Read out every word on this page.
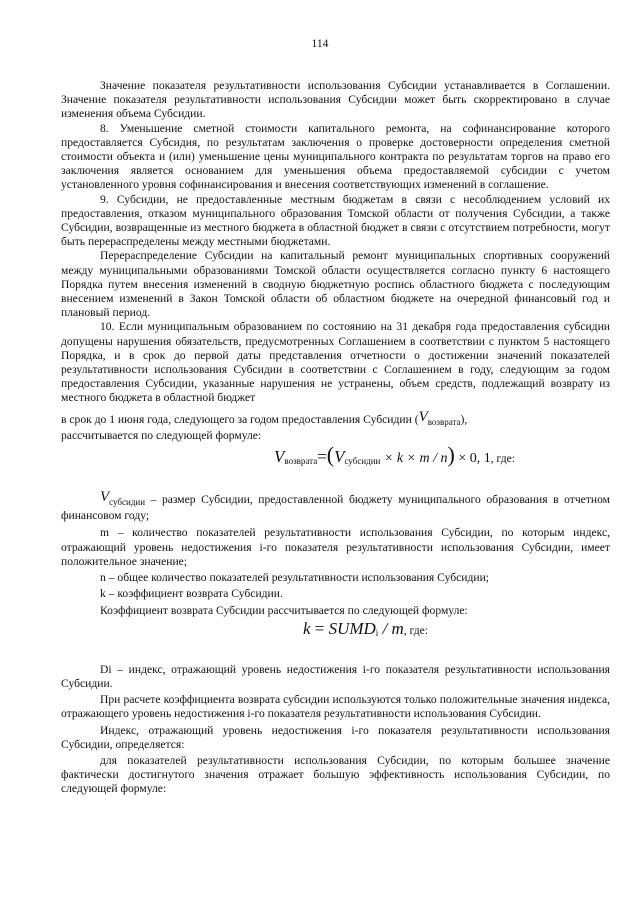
114

Значение показателя результативности использования Субсидии устанавливается в Соглашении. Значение показателя результативности использования Субсидии может быть скорректировано в случае изменения объема Субсидии.

8. Уменьшение сметной стоимости капитального ремонта, на софинансирование которого предоставляется Субсидия, по результатам заключения о проверке достоверности определения сметной стоимости объекта и (или) уменьшение цены муниципального контракта по результатам торгов на право его заключения является основанием для уменьшения объема предоставляемой субсидии с учетом установленного уровня софинансирования и внесения соответствующих изменений в соглашение.

9. Субсидии, не предоставленные местным бюджетам в связи с несоблюдением условий их предоставления, отказом муниципального образования Томской области от получения Субсидии, а также Субсидии, возвращенные из местного бюджета в областной бюджет в связи с отсутствием потребности, могут быть перераспределены между местными бюджетами.

Перераспределение Субсидии на капитальный ремонт муниципальных спортивных сооружений между муниципальными образованиями Томской области осуществляется согласно пункту 6 настоящего Порядка путем внесения изменений в сводную бюджетную роспись областного бюджета с последующим внесением изменений в Закон Томской области об областном бюджете на очередной финансовый год и плановый период.

10. Если муниципальным образованием по состоянию на 31 декабря года предоставления субсидии допущены нарушения обязательств, предусмотренных Соглашением в соответствии с пунктом 5 настоящего Порядка, и в срок до первой даты представления отчетности о достижении значений показателей результативности использования Субсидии в соответствии с Соглашением в году, следующим за годом предоставления Субсидии, указанные нарушения не устранены, объем средств, подлежащий возврату из местного бюджета в областной бюджет

в срок до 1 июня года, следующего за годом предоставления Субсидии $(V_{возврата})$,

рассчитывается по следующей формуле:

$V_{возврата}=(V_{субсидии} \times k \times m / n) \times 0$, 1, где:

$V_{субсидии}$ – размер Субсидии, предоставленной бюджету муниципального образования в отчетном финансовом году;

m – количество показателей результативности использования Субсидии, по которым индекс, отражающий уровень недостижения i-го показателя результативности использования Субсидии, имеет положительное значение;

n – общее количество показателей результативности использования Субсидии;

k – коэффициент возврата Субсидии.

Коэффициент возврата Субсидии рассчитывается по следующей формуле:

$k = SUMD_i / m$, где:

Di – индекс, отражающий уровень недостижения i-го показателя результативности использования Субсидии.

При расчете коэффициента возврата субсидии используются только положительные значения индекса, отражающего уровень недостижения i-го показателя результативности использования Субсидии.

Индекс, отражающий уровень недостижения i-го показателя результативности использования Субсидии, определяется:

для показателей результативности использования Субсидии, по которым большее значение фактически достигнутого значения отражает большую эффективность использования Субсидии, по следующей формуле:
